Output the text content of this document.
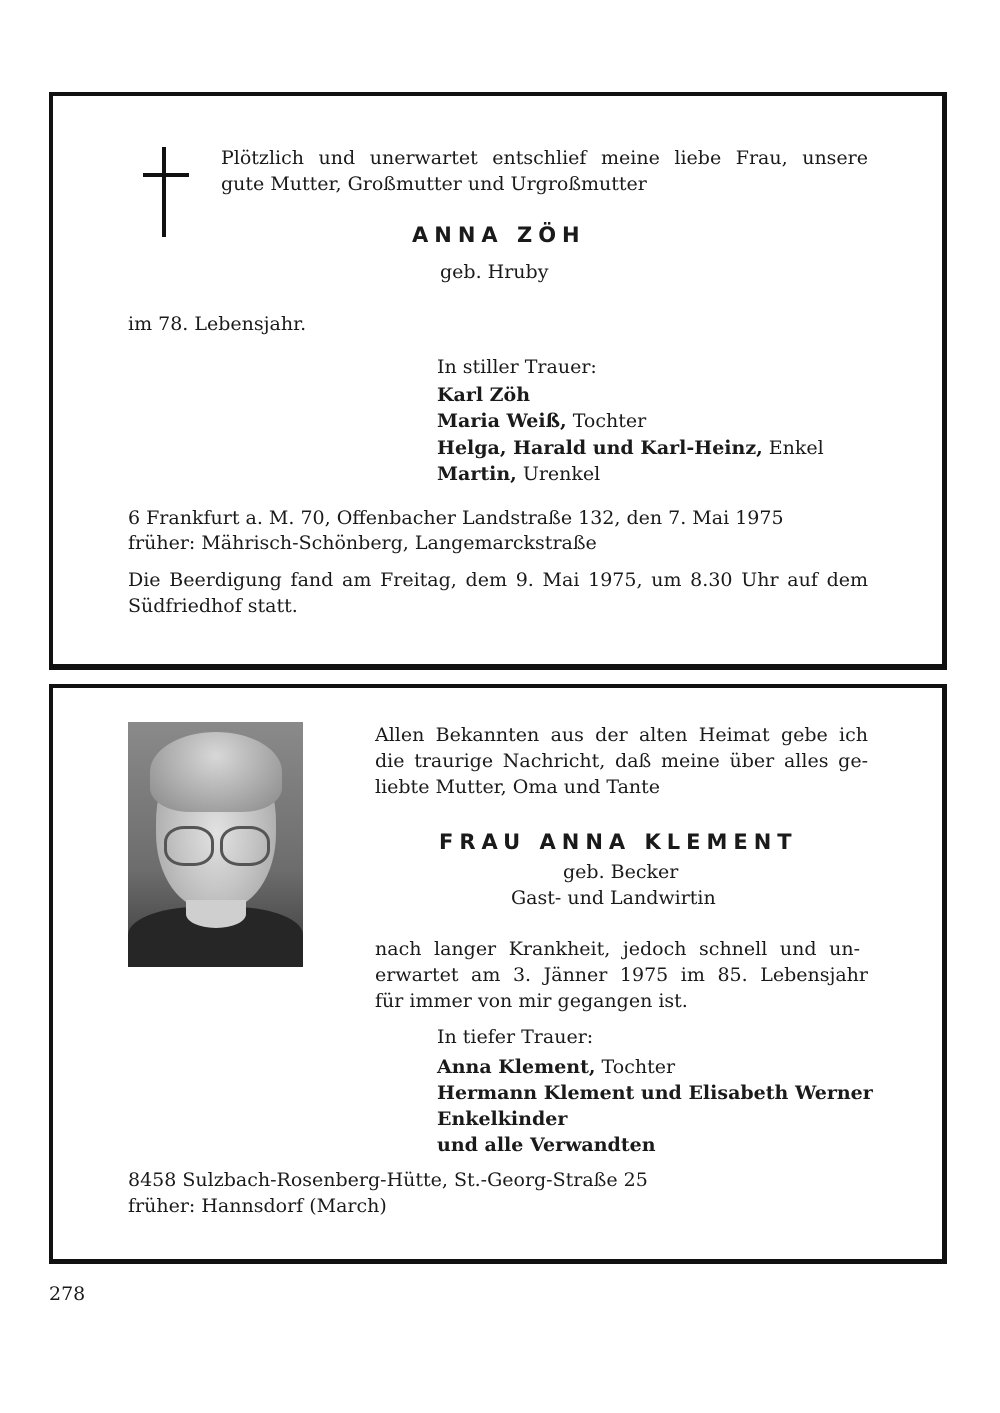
Plötzlich und unerwartet entschlief meine liebe Frau, unsere
gute Mutter, Großmutter und Urgroßmutter
ANNA ZÖH
geb. Hruby
im 78. Lebensjahr.
In stiller Trauer:
Karl Zöh
Maria Weiß, Tochter
Helga, Harald und Karl-Heinz, Enkel
Martin, Urenkel
6 Frankfurt a. M. 70, Offenbacher Landstraße 132, den 7. Mai 1975
früher: Mährisch-Schönberg, Langemarckstraße
Die Beerdigung fand am Freitag, dem 9. Mai 1975, um 8.30 Uhr auf dem
Südfriedhof statt.
Allen Bekannten aus der alten Heimat gebe ich
die traurige Nachricht, daß meine über alles ge-
liebte Mutter, Oma und Tante
FRAU ANNA KLEMENT
geb. Becker
Gast- und Landwirtin
nach langer Krankheit, jedoch schnell und un-
erwartet am 3. Jänner 1975 im 85. Lebensjahr
für immer von mir gegangen ist.
In tiefer Trauer:
Anna Klement, Tochter
Hermann Klement und Elisabeth Werner
Enkelkinder
und alle Verwandten
8458 Sulzbach-Rosenberg-Hütte, St.-Georg-Straße 25
früher: Hannsdorf (March)
278
